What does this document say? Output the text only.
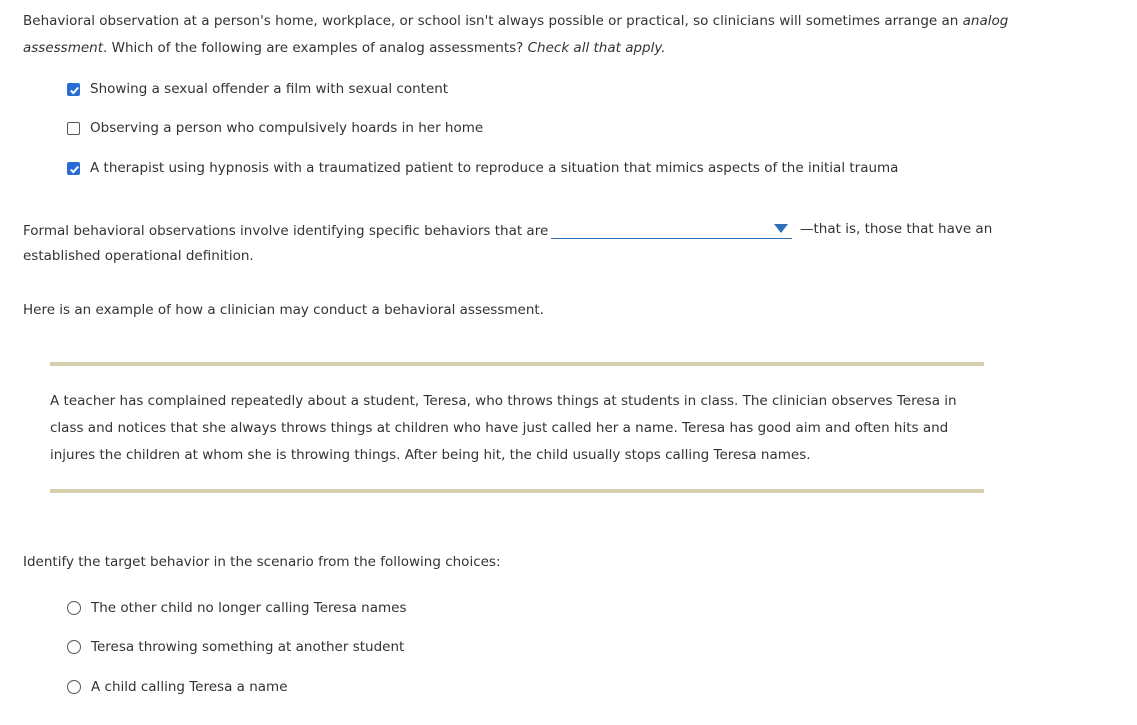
Behavioral observation at a person's home, workplace, or school isn't always possible or practical, so clinicians will sometimes arrange an analog
assessment. Which of the following are examples of analog assessments? Check all that apply.
Showing a sexual offender a film with sexual content
Observing a person who compulsively hoards in her home
A therapist using hypnosis with a traumatized patient to reproduce a situation that mimics aspects of the initial trauma
Formal behavioral observations involve identifying specific behaviors that are	—that is, those that have an
established operational definition.
Here is an example of how a clinician may conduct a behavioral assessment.
A teacher has complained repeatedly about a student, Teresa, who throws things at students in class. The clinician observes Teresa in
class and notices that she always throws things at children who have just called her a name. Teresa has good aim and often hits and
injures the children at whom she is throwing things. After being hit, the child usually stops calling Teresa names.
Identify the target behavior in the scenario from the following choices:
The other child no longer calling Teresa names
Teresa throwing something at another student
A child calling Teresa a name
